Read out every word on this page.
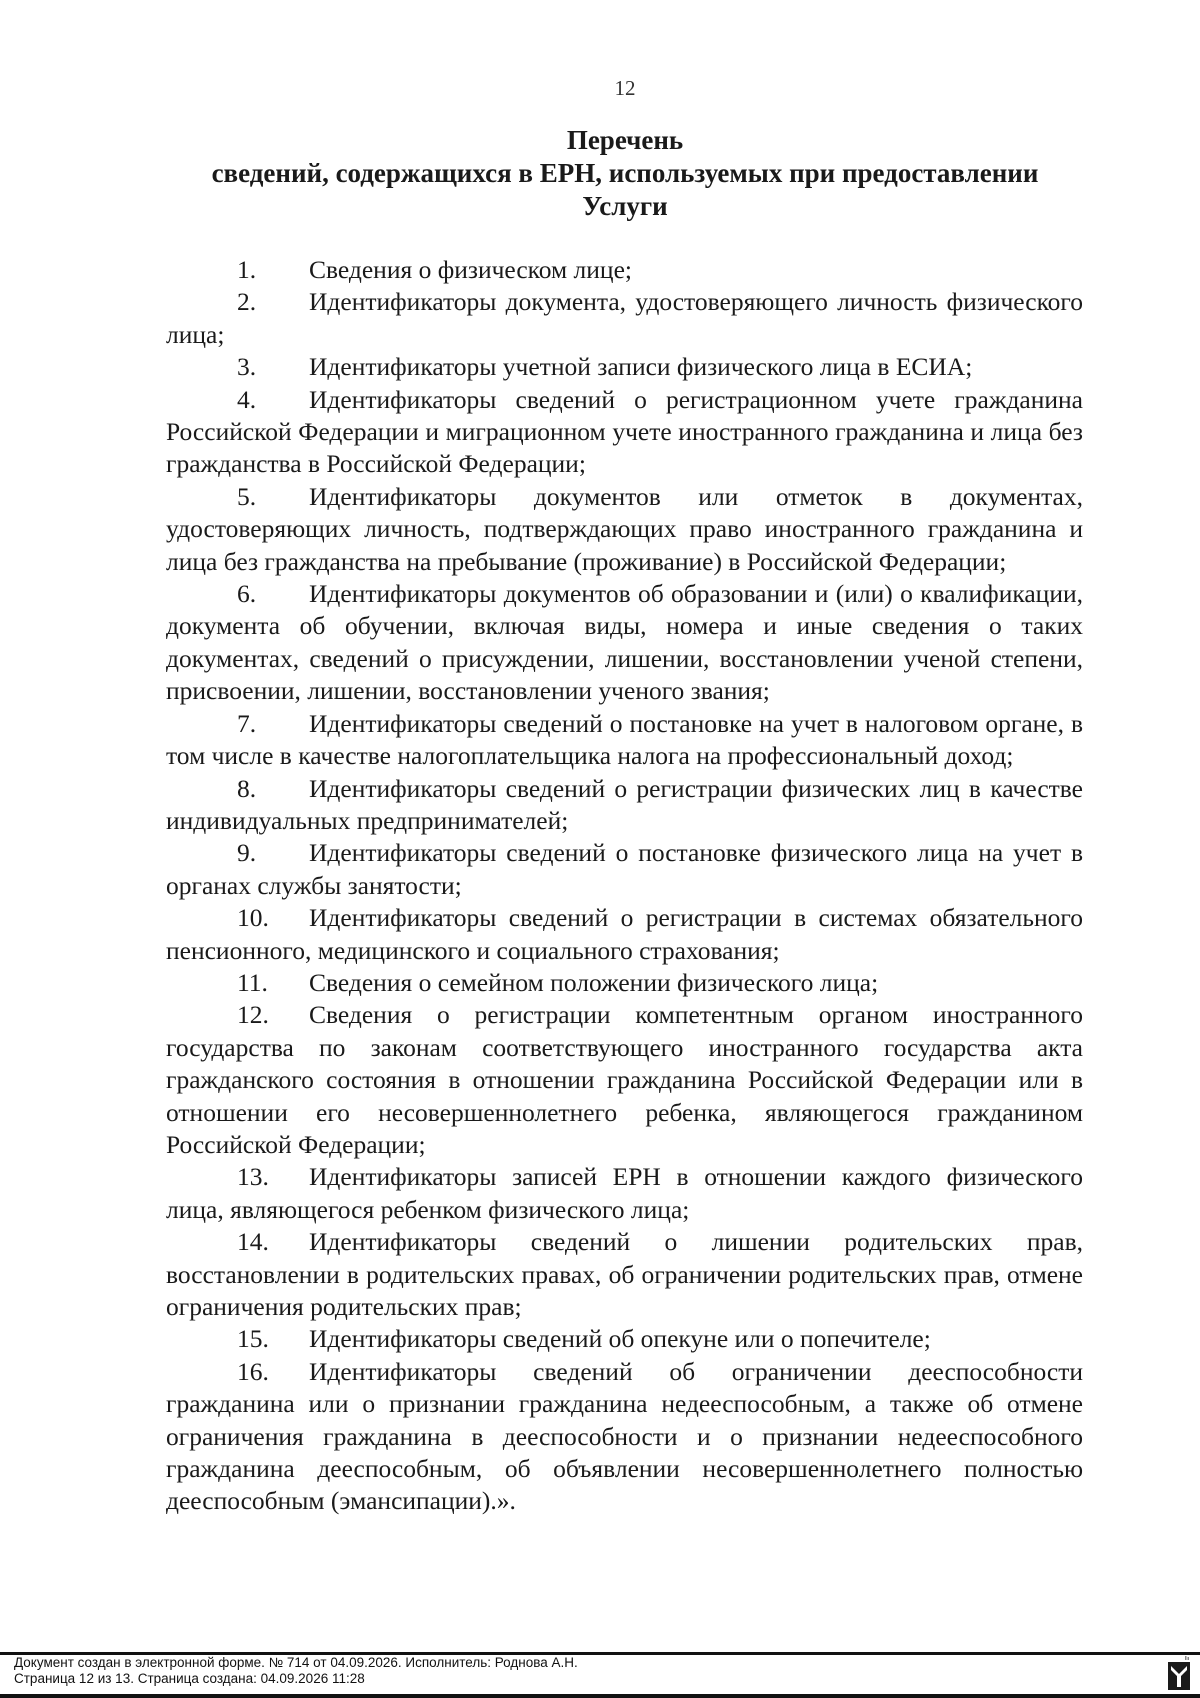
12
Перечень
сведений, содержащихся в ЕРН, используемых при предоставлении
Услуги

1. Сведения о физическом лице;

2. Идентификаторы документа, удостоверяющего личность физического лица;

3. Идентификаторы учетной записи физического лица в ЕСИА;

4. Идентификаторы сведений о регистрационном учете гражданина Российской Федерации и миграционном учете иностранного гражданина и лица без гражданства в Российской Федерации;

5. Идентификаторы документов или отметок в документах, удостоверяющих личность, подтверждающих право иностранного гражданина и лица без гражданства на пребывание (проживание) в Российской Федерации;

6. Идентификаторы документов об образовании и (или) о квалификации, документа об обучении, включая виды, номера и иные сведения о таких документах, сведений о присуждении, лишении, восстановлении ученой степени, присвоении, лишении, восстановлении ученого звания;

7. Идентификаторы сведений о постановке на учет в налоговом органе, в том числе в качестве налогоплательщика налога на профессиональный доход;

8. Идентификаторы сведений о регистрации физических лиц в качестве индивидуальных предпринимателей;

9. Идентификаторы сведений о постановке физического лица на учет в органах службы занятости;

10. Идентификаторы сведений о регистрации в системах обязательного пенсионного, медицинского и социального страхования;

11. Сведения о семейном положении физического лица;

12. Сведения о регистрации компетентным органом иностранного государства по законам соответствующего иностранного государства акта гражданского состояния в отношении гражданина Российской Федерации или в отношении его несовершеннолетнего ребенка, являющегося гражданином Российской Федерации;

13. Идентификаторы записей ЕРН в отношении каждого физического лица, являющегося ребенком физического лица;

14. Идентификаторы сведений о лишении родительских прав, восстановлении в родительских правах, об ограничении родительских прав, отмене ограничения родительских прав;

15. Идентификаторы сведений об опекуне или о попечителе;

16. Идентификаторы сведений об ограничении дееспособности гражданина или о признании гражданина недееспособным, а также об отмене ограничения гражданина в дееспособности и о признании недееспособного гражданина дееспособным, об объявлении несовершеннолетнего полностью дееспособным (эмансипации).».

Документ создан в электронной форме. № 714 от 04.09.2026. Исполнитель: Роднова А.Н.
Страница 12 из 13. Страница создана: 04.09.2026 11:28
